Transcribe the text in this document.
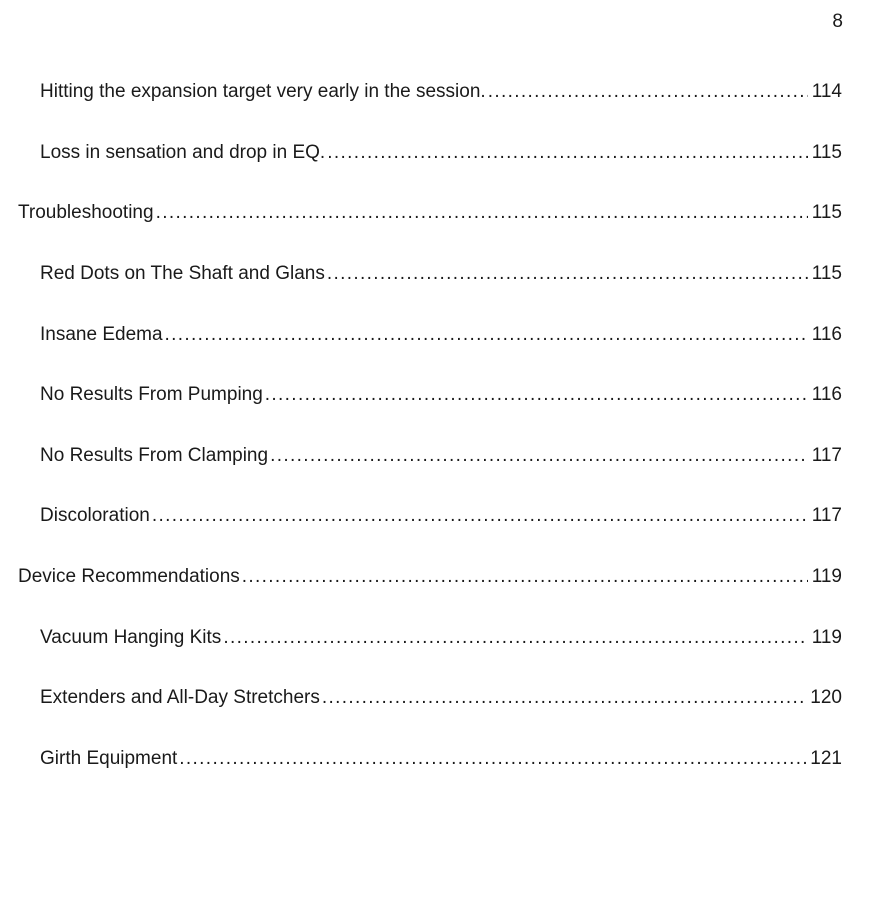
8
Hitting the expansion target very early in the session. .....	114
Loss in sensation and drop in EQ. .....	115
Troubleshooting .....	115
Red Dots on The Shaft and Glans .....	115
Insane Edema .....	116
No Results From Pumping .....	116
No Results From Clamping .....	117
Discoloration .....	117
Device Recommendations .....	119
Vacuum Hanging Kits .....	119
Extenders and All-Day Stretchers .....	120
Girth Equipment .....	121
